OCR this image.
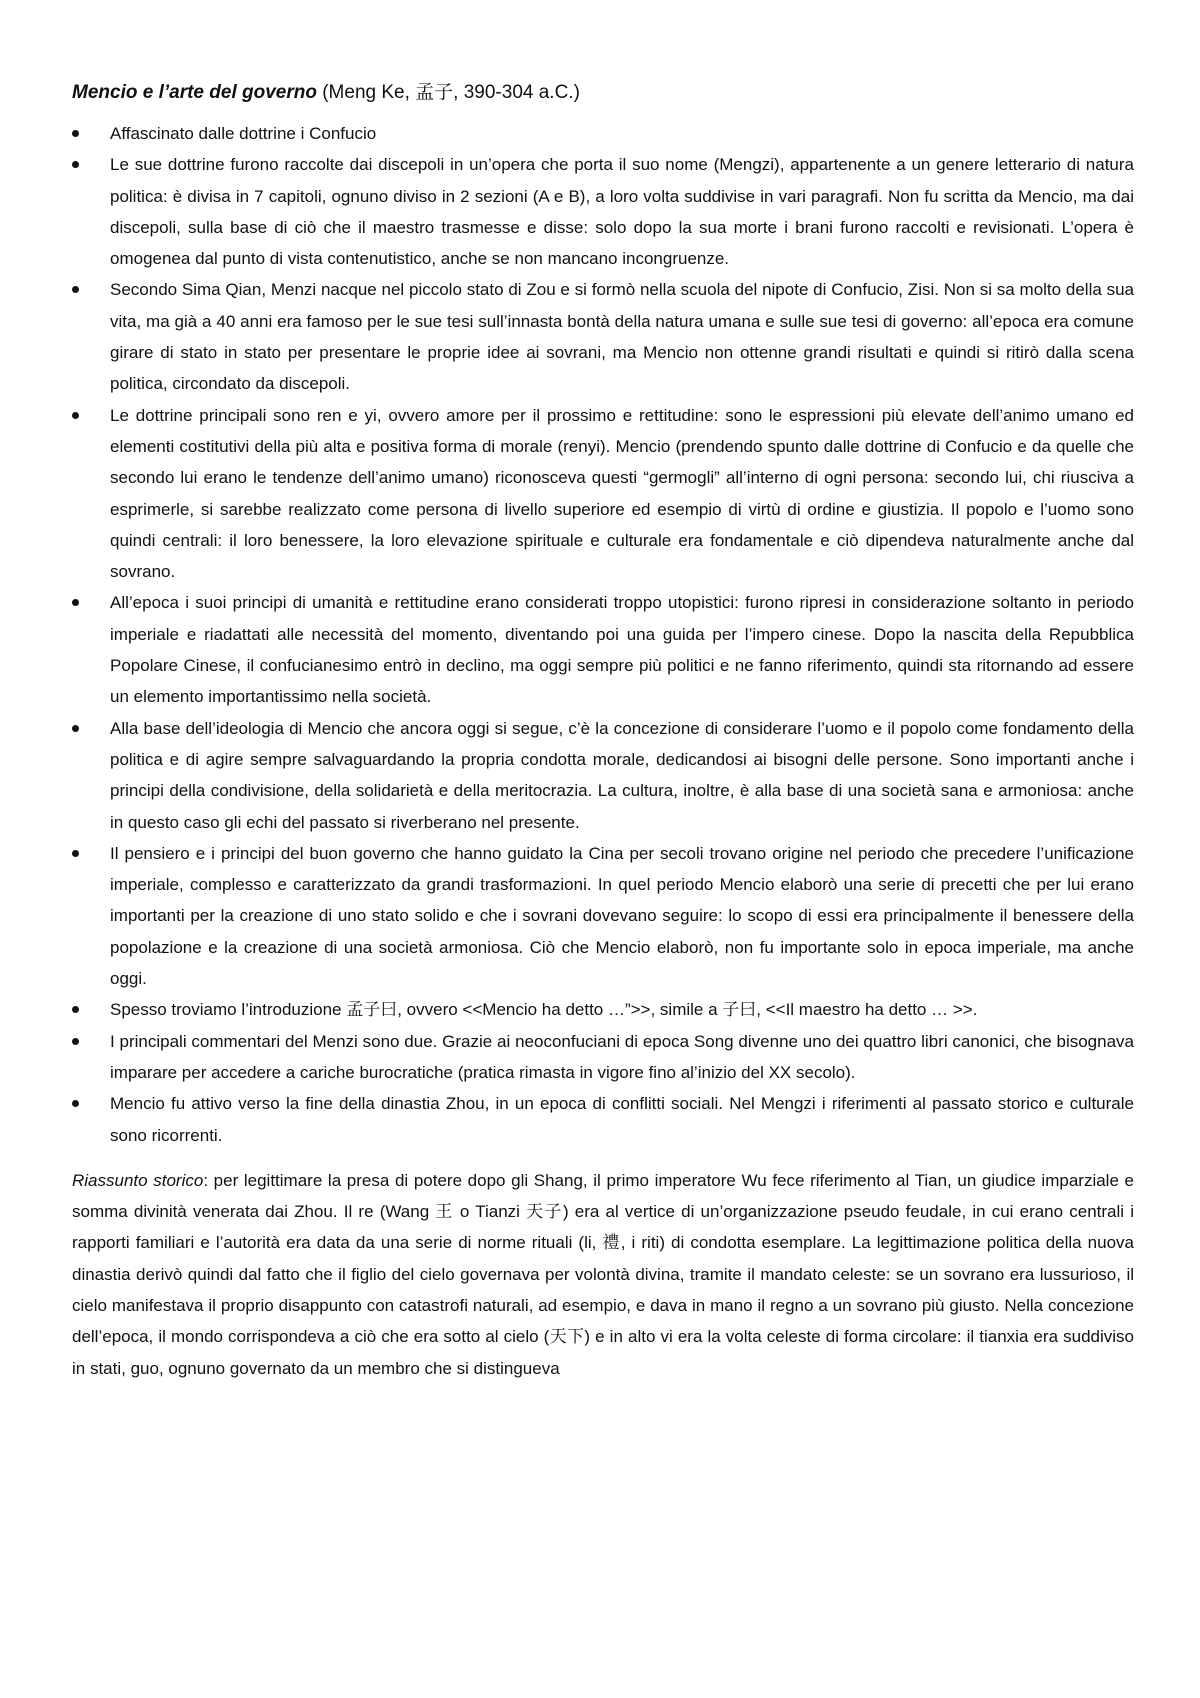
Mencio e l’arte del governo (Meng Ke, 孟子, 390-304 a.C.)
Affascinato dalle dottrine i Confucio
Le sue dottrine furono raccolte dai discepoli in un’opera che porta il suo nome (Mengzi), appartenente a un genere letterario di natura politica: è divisa in 7 capitoli, ognuno diviso in 2 sezioni (A e B), a loro volta suddivise in vari paragrafi. Non fu scritta da Mencio, ma dai discepoli, sulla base di ciò che il maestro trasmesse e disse: solo dopo la sua morte i brani furono raccolti e revisionati. L’opera è omogenea dal punto di vista contenutistico, anche se non mancano incongruenze.
Secondo Sima Qian, Menzi nacque nel piccolo stato di Zou e si formò nella scuola del nipote di Confucio, Zisi. Non si sa molto della sua vita, ma già a 40 anni era famoso per le sue tesi sull’innasta bontà della natura umana e sulle sue tesi di governo: all’epoca era comune girare di stato in stato per presentare le proprie idee ai sovrani, ma Mencio non ottenne grandi risultati e quindi si ritirò dalla scena politica, circondato da discepoli.
Le dottrine principali sono ren e yi, ovvero amore per il prossimo e rettitudine: sono le espressioni più elevate dell’animo umano ed elementi costitutivi della più alta e positiva forma di morale (renyi). Mencio (prendendo spunto dalle dottrine di Confucio e da quelle che secondo lui erano le tendenze dell’animo umano) riconosceva questi “germogli” all’interno di ogni persona: secondo lui, chi riusciva a esprimerle, si sarebbe realizzato come persona di livello superiore ed esempio di virtù di ordine e giustizia. Il popolo e l’uomo sono quindi centrali: il loro benessere, la loro elevazione spirituale e culturale era fondamentale e ciò dipendeva naturalmente anche dal sovrano.
All’epoca i suoi principi di umanità e rettitudine erano considerati troppo utopistici: furono ripresi in considerazione soltanto in periodo imperiale e riadattati alle necessità del momento, diventando poi una guida per l’impero cinese. Dopo la nascita della Repubblica Popolare Cinese, il confucianesimo entrò in declino, ma oggi sempre più politici e ne fanno riferimento, quindi sta ritornando ad essere un elemento importantissimo nella società.
Alla base dell’ideologia di Mencio che ancora oggi si segue, c’è la concezione di considerare l’uomo e il popolo come fondamento della politica e di agire sempre salvaguardando la propria condotta morale, dedicandosi ai bisogni delle persone. Sono importanti anche i principi della condivisione, della solidarietà e della meritocrazia. La cultura, inoltre, è alla base di una società sana e armoniosa: anche in questo caso gli echi del passato si riverberano nel presente.
Il pensiero e i principi del buon governo che hanno guidato la Cina per secoli trovano origine nel periodo che precedere l’unificazione imperiale, complesso e caratterizzato da grandi trasformazioni. In quel periodo Mencio elaborò una serie di precetti che per lui erano importanti per la creazione di uno stato solido e che i sovrani dovevano seguire: lo scopo di essi era principalmente il benessere della popolazione e la creazione di una società armoniosa. Ciò che Mencio elaborò, non fu importante solo in epoca imperiale, ma anche oggi.
Spesso troviamo l’introduzione 孟子曰, ovvero <<Mencio ha detto …”>>, simile a 子曰, <<Il maestro ha detto … >>.
I principali commentari del Menzi sono due. Grazie ai neoconfuciani di epoca Song divenne uno dei quattro libri canonici, che bisognava imparare per accedere a cariche burocratiche (pratica rimasta in vigore fino al’inizio del XX secolo).
Mencio fu attivo verso la fine della dinastia Zhou, in un epoca di conflitti sociali. Nel Mengzi i riferimenti al passato storico e culturale sono ricorrenti.

Riassunto storico: per legittimare la presa di potere dopo gli Shang, il primo imperatore Wu fece riferimento al Tian, un giudice imparziale e somma divinità venerata dai Zhou. Il re (Wang 王 o Tianzi 天子) era al vertice di un’organizzazione pseudo feudale, in cui erano centrali i rapporti familiari e l’autorità era data da una serie di norme rituali (li, 禮, i riti) di condotta esemplare. La legittimazione politica della nuova dinastia derivò quindi dal fatto che il figlio del cielo governava per volontà divina, tramite il mandato celeste: se un sovrano era lussurioso, il cielo manifestava il proprio disappunto con catastrofi naturali, ad esempio, e dava in mano il regno a un sovrano più giusto. Nella concezione dell’epoca, il mondo corrispondeva a ciò che era sotto al cielo (天下) e in alto vi era la volta celeste di forma circolare: il tianxia era suddiviso in stati, guo, ognuno governato da un membro che si distingueva
